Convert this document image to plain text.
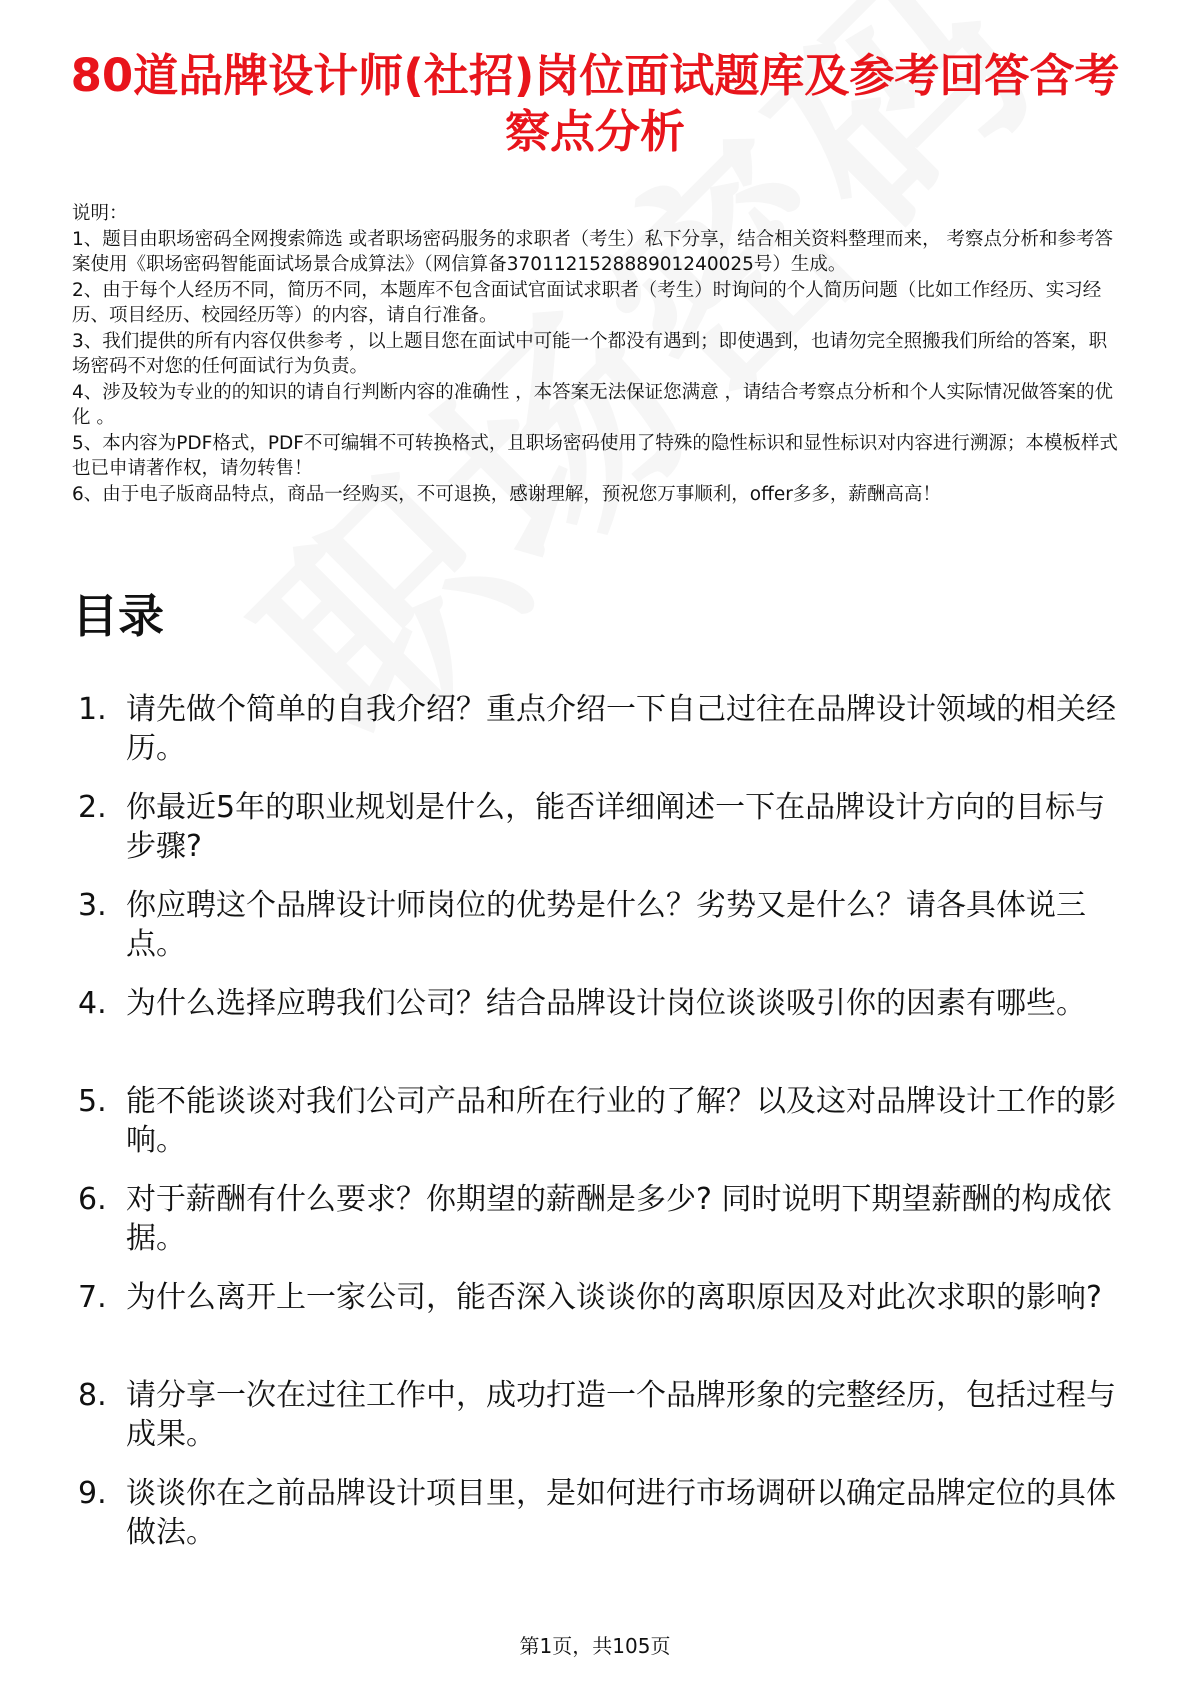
80道品牌设计师(社招)岗位面试题库及参考回答含考察点分析

说明：

1、题目由职场密码全网搜索筛选 或者职场密码服务的求职者（考生）私下分享，结合相关资料整理而来， 考察点分析和参考答案使用《职场密码智能面试场景合成算法》（网信算备370112152888901240025号）生成。

2、由于每个人经历不同，简历不同，本题库不包含面试官面试求职者（考生）时询问的个人简历问题（比如工作经历、实习经历、项目经历、校园经历等）的内容，请自行准备。

3、我们提供的所有内容仅供参考 ，以上题目您在面试中可能一个都没有遇到；即使遇到，也请勿完全照搬我们所给的答案，职场密码不对您的任何面试行为负责。

4、涉及较为专业的的知识的请自行判断内容的准确性 ，本答案无法保证您满意 ，请结合考察点分析和个人实际情况做答案的优化 。

5、本内容为PDF格式，PDF不可编辑不可转换格式，且职场密码使用了特殊的隐性标识和显性标识对内容进行溯源；本模板样式也已申请著作权，请勿转售！

6、由于电子版商品特点，商品一经购买，不可退换，感谢理解，预祝您万事顺利，offer多多，薪酬高高！

目录
1. 请先做个简单的自我介绍？重点介绍一下自己过往在品牌设计领域的相关经历。
2. 你最近5年的职业规划是什么，能否详细阐述一下在品牌设计方向的目标与步骤?
3. 你应聘这个品牌设计师岗位的优势是什么？劣势又是什么？请各具体说三点。
4. 为什么选择应聘我们公司？结合品牌设计岗位谈谈吸引你的因素有哪些。
5. 能不能谈谈对我们公司产品和所在行业的了解？以及这对品牌设计工作的影响。
6. 对于薪酬有什么要求？你期望的薪酬是多少? 同时说明下期望薪酬的构成依据。
7. 为什么离开上一家公司，能否深入谈谈你的离职原因及对此次求职的影响?
8. 请分享一次在过往工作中，成功打造一个品牌形象的完整经历，包括过程与成果。
9. 谈谈你在之前品牌设计项目里，是如何进行市场调研以确定品牌定位的具体做法。
第1页，共105页
